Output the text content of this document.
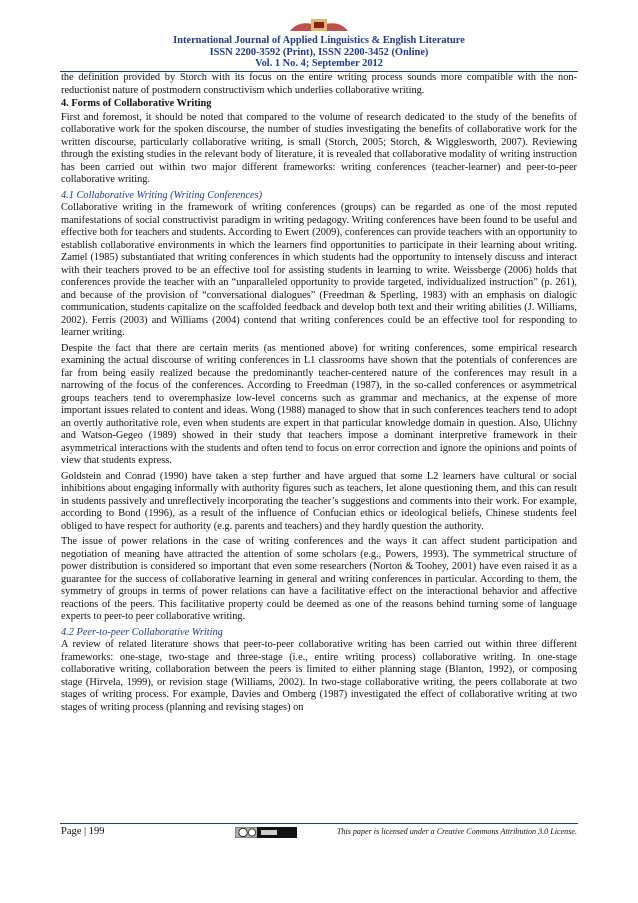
International Journal of Applied Linguistics & English Literature
ISSN 2200-3592 (Print), ISSN 2200-3452 (Online)
Vol. 1 No. 4; September 2012

the definition provided by Storch with its focus on the entire writing process sounds more compatible with the non-reductionist nature of postmodern constructivism which underlies collaborative writing.

4. Forms of Collaborative Writing

First and foremost, it should be noted that compared to the volume of research dedicated to the study of the benefits of collaborative work for the spoken discourse, the number of studies investigating the benefits of collaborative work for the written discourse, particularly collaborative writing, is small (Storch, 2005; Storch, & Wigglesworth, 2007). Reviewing through the existing studies in the relevant body of literature, it is revealed that collaborative modality of writing instruction has been carried out within two major different frameworks: writing conferences (teacher-learner) and peer-to-peer collaborative writing.

4.1 Collaborative Writing (Writing Conferences)

Collaborative writing in the framework of writing conferences (groups) can be regarded as one of the most reputed manifestations of social constructivist paradigm in writing pedagogy. Writing conferences have been found to be useful and effective both for teachers and students. According to Ewert (2009), conferences can provide teachers with an opportunity to establish collaborative environments in which the learners find opportunities to participate in their learning about writing. Zamel (1985) substantiated that writing conferences in which students had the opportunity to intensely discuss and interact with their teachers proved to be an effective tool for assisting students in learning to write. Weissberge (2006) holds that conferences provide the teacher with an “unparalleled opportunity to provide targeted, individualized instruction” (p. 261), and because of the provision of “conversational dialogues” (Freedman & Sperling, 1983) with an emphasis on dialogic communication, students capitalize on the scaffolded feedback and develop both text and their writing abilities (J. Williams, 2002). Ferris (2003) and Williams (2004) contend that writing conferences could be an effective tool for responding to learner writing.

Despite the fact that there are certain merits (as mentioned above) for writing conferences, some empirical research examining the actual discourse of writing conferences in L1 classrooms have shown that the potentials of conferences are far from being easily realized because the predominantly teacher-centered nature of the conferences may result in a narrowing of the focus of the conferences. According to Freedman (1987), in the so-called conferences or asymmetrical groups teachers tend to overemphasize low-level concerns such as grammar and mechanics, at the expense of more important issues related to content and ideas. Wong (1988) managed to show that in such conferences teachers tend to adopt an overtly authoritative role, even when students are expert in that particular knowledge domain in question. Also, Ulichny and Watson-Gegeo (1989) showed in their study that teachers impose a dominant interpretive framework in their asymmetrical interactions with the students and often tend to focus on error correction and ignore the opinions and points of view that students express.

Goldstein and Conrad (1990) have taken a step further and have argued that some L2 learners have cultural or social inhibitions about engaging informally with authority figures such as teachers, let alone questioning them, and this can result in students passively and unreflectively incorporating the teacher’s suggestions and comments into their work. For example, according to Bond (1996), as a result of the influence of Confucian ethics or ideological beliefs, Chinese students feel obliged to have respect for authority (e.g. parents and teachers) and they hardly question the authority.

The issue of power relations in the case of writing conferences and the ways it can affect student participation and negotiation of meaning have attracted the attention of some scholars (e.g., Powers, 1993). The symmetrical structure of power distribution is considered so important that even some researchers (Norton & Toohey, 2001) have even raised it as a guarantee for the success of collaborative learning in general and writing conferences in particular. According to them, the symmetry of groups in terms of power relations can have a facilitative effect on the interactional behavior and affective reactions of the peers. This facilitative property could be deemed as one of the reasons behind turning some of language experts to peer-to peer collaborative writing.

4.2 Peer-to-peer Collaborative Writing

A review of related literature shows that peer-to-peer collaborative writing has been carried out within three different frameworks: one-stage, two-stage and three-stage (i.e., entire writing process) collaborative writing. In one-stage collaborative writing, collaboration between the peers is limited to either planning stage (Blanton, 1992), or composing stage (Hirvela, 1999), or revision stage (Williams, 2002). In two-stage collaborative writing, the peers collaborate at two stages of writing process. For example, Davies and Omberg (1987) investigated the effect of collaborative writing at two stages of writing process (planning and revising stages) on

Page | 199	This paper is licensed under a Creative Commons Attribution 3.0 License.
